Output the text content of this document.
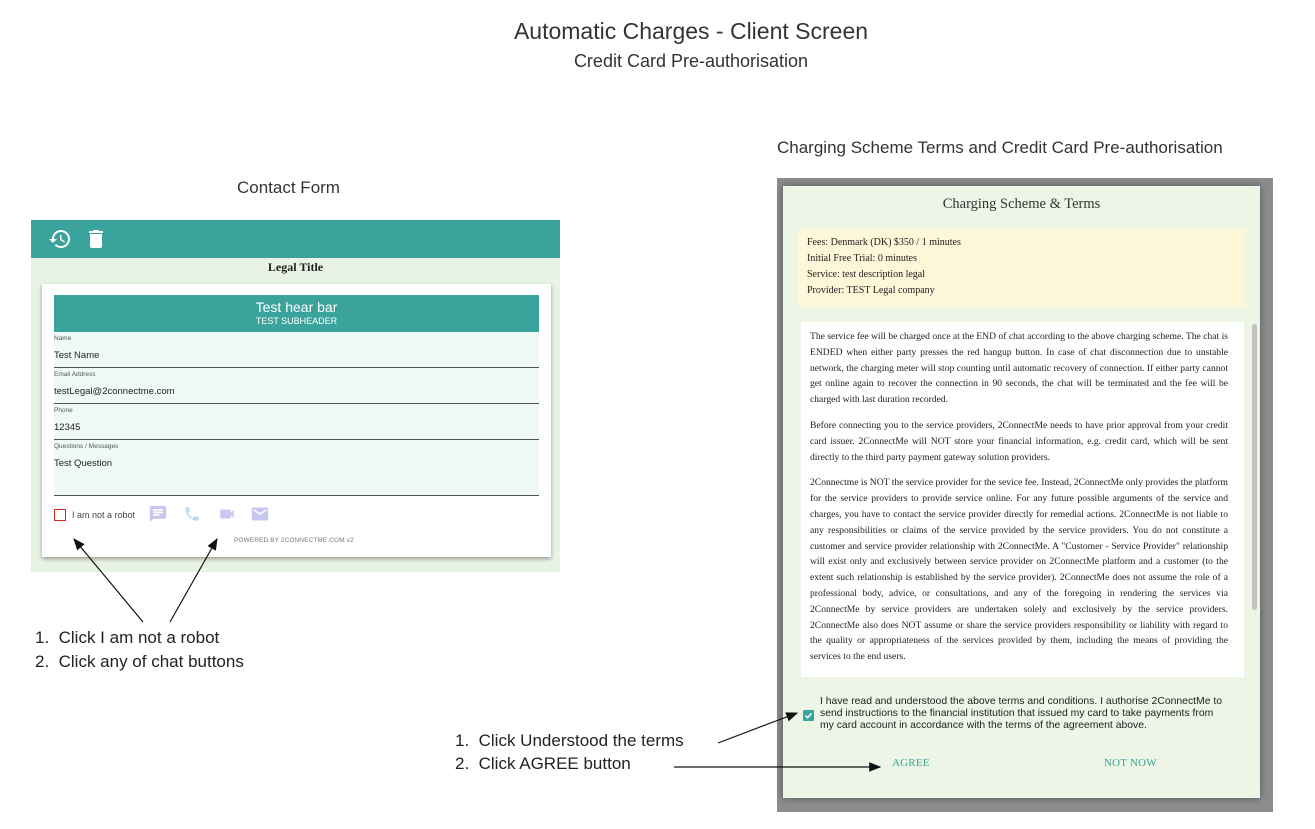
Automatic Charges - Client Screen
Credit Card Pre-authorisation
Contact Form
Legal Title
Test hear bar
TEST SUBHEADER
Name
Test Name
Email Address
testLegal@2connectme.com
Phone
12345
Questions / Messages
Test Question
I am not a robot
POWERED BY 2CONNECTME.COM v2
1.  Click I am not a robot
2.  Click any of chat buttons
Charging Scheme Terms and Credit Card Pre-authorisation
Charging Scheme & Terms
Fees: Denmark (DK) $350 / 1 minutes
Initial Free Trial: 0 minutes
Service: test description legal
Provider: TEST Legal company

The service fee will be charged once at the END of chat according to the above charging scheme. The chat is ENDED when either party presses the red hangup button. In case of chat disconnection due to unstable network, the charging meter will stop counting until automatic recovery of connection. If either party cannot get online again to recover the connection in 90 seconds, the chat will be terminated and the fee will be charged with last duration recorded.

Before connecting you to the service providers, 2ConnectMe needs to have prior approval from your credit card issuer. 2ConnectMe will NOT store your financial information, e.g. credit card, which will be sent directly to the third party payment gateway solution providers.

2Connectme is NOT the service provider for the sevice fee. Instead, 2ConnectMe only provides the platform for the service providers to provide service online. For any future possible arguments of the service and charges, you have to contact the service provider directly for remedial actions. 2ConnectMe is not liable to any responsibilities or claims of the service provided by the service providers. You do not constitute a customer and service provider relationship with 2ConnectMe. A "Customer - Service Provider" relationship will exist only and exclusively between service provider on 2ConnectMe platform and a customer (to the extent such relationship is established by the service provider). 2ConnectMe does not assume the role of a professional body, advice, or consultations, and any of the foregoing in rendering the services via 2ConnectMe by service providers are undertaken solely and exclusively by the service providers. 2ConnectMe also does NOT assume or share the service providers responsibility or liability with regard to the quality or appropriateness of the services provided by them, including the means of providing the services to the end users.

I have read and understood the above terms and conditions. I authorise 2ConnectMe to send instructions to the financial institution that issued my card to take payments from my card account in accordance with the terms of the agreement above.
AGREE	NOT NOW
1.  Click Understood the terms
2.  Click AGREE button
